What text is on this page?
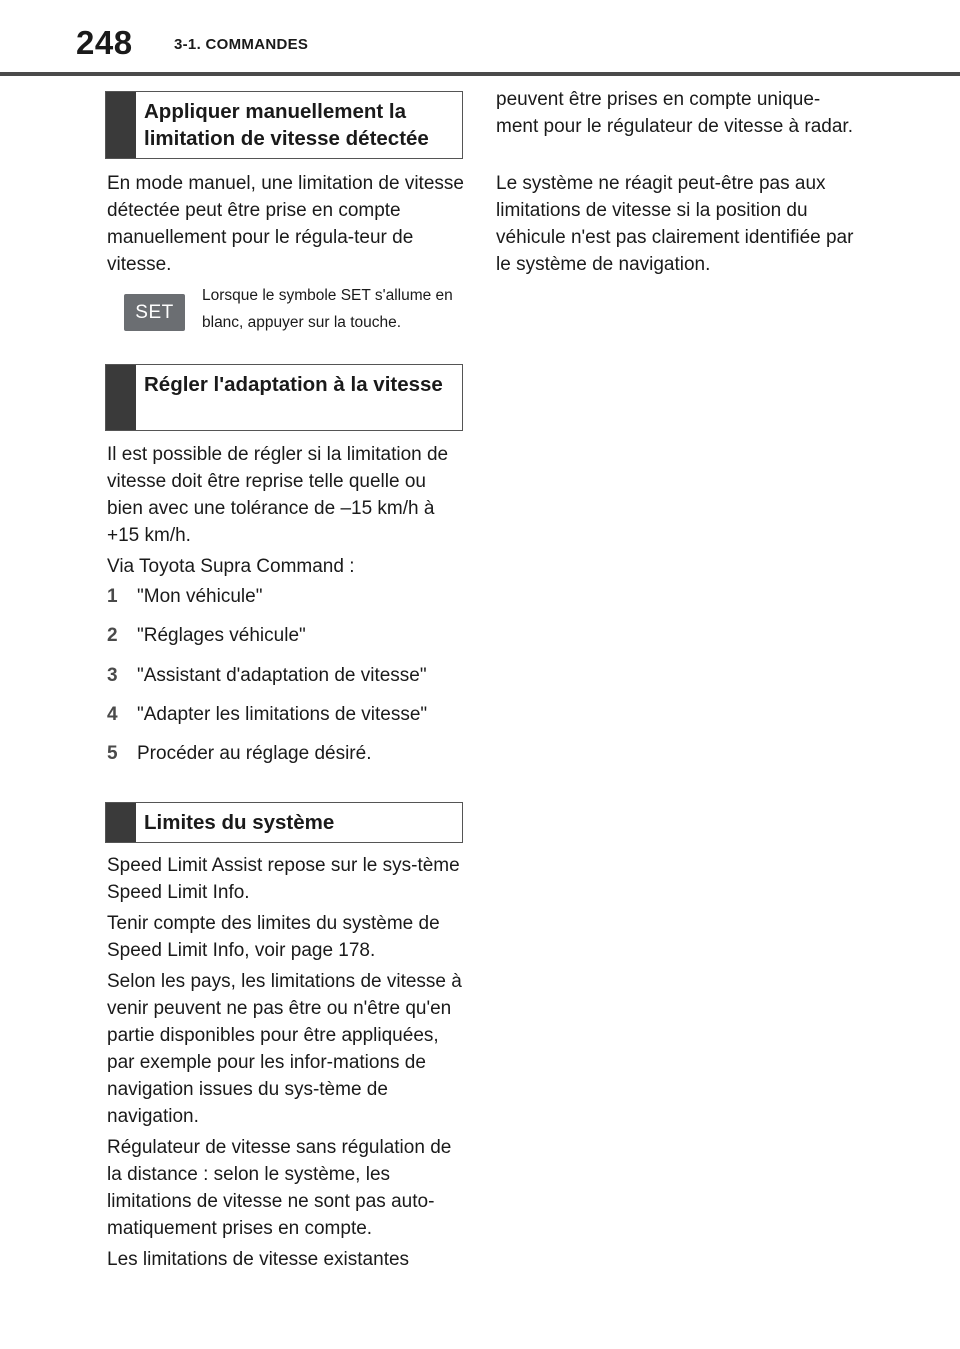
248	3-1. COMMANDES
Appliquer manuellement la limitation de vitesse détectée

En mode manuel, une limitation de vitesse détectée peut être prise en compte manuellement pour le régula-teur de vitesse.

SET

Lorsque le symbole SET s'allume en blanc, appuyer sur la touche.

Régler l'adaptation à la vitesse

Il est possible de régler si la limitation de vitesse doit être reprise telle quelle ou bien avec une tolérance de –15 km/h à +15 km/h.

Via Toyota Supra Command :

1 "Mon véhicule"
2 "Réglages véhicule"
3 "Assistant d'adaptation de vitesse"
4 "Adapter les limitations de vitesse"
5 Procéder au réglage désiré.
Limites du système

Speed Limit Assist repose sur le sys-tème Speed Limit Info.

Tenir compte des limites du système de Speed Limit Info, voir page 178.

Selon les pays, les limitations de vitesse à venir peuvent ne pas être ou n'être qu'en partie disponibles pour être appliquées, par exemple pour les infor-mations de navigation issues du sys-tème de navigation.

Régulateur de vitesse sans régulation de la distance : selon le système, les limitations de vitesse ne sont pas auto-matiquement prises en compte.

Les limitations de vitesse existantes

peuvent être prises en compte unique-ment pour le régulateur de vitesse à radar.

Le système ne réagit peut-être pas aux limitations de vitesse si la position du véhicule n'est pas clairement identifiée par le système de navigation.
